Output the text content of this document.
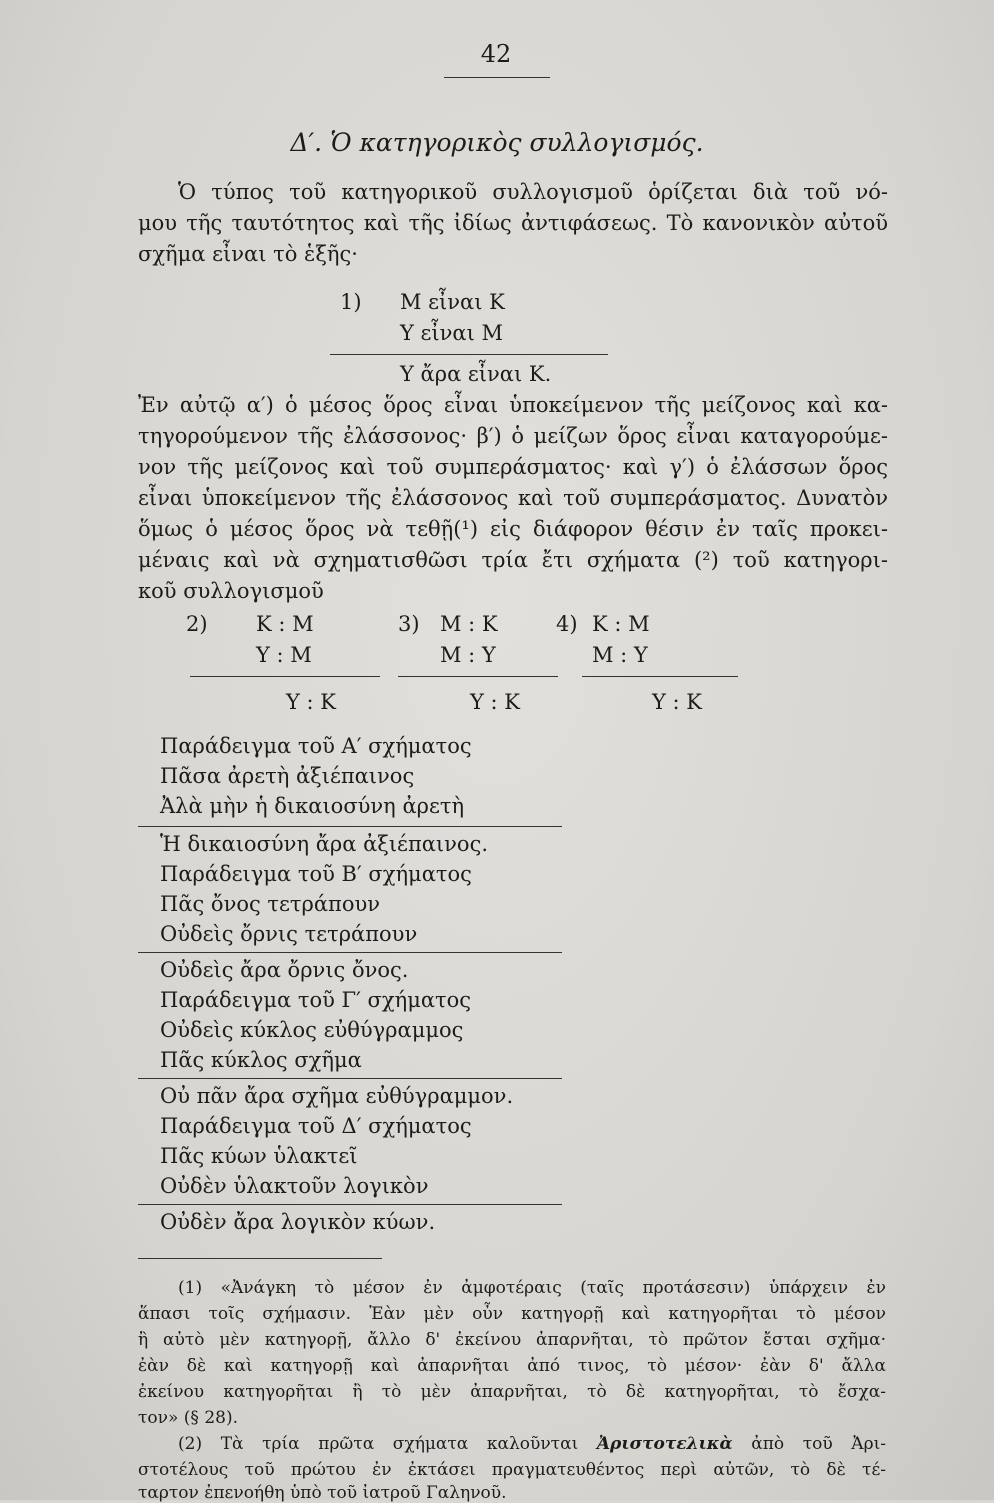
42
Δ′. Ὁ κατηγορικὸς συλλογισμός.
Ὁ τύπος τοῦ κατηγορικοῦ συλλογισμοῦ ὁρίζεται διὰ τοῦ νό-
μου τῆς ταυτότητος καὶ τῆς ἰδίως ἀντιφάσεως. Τὸ κανονικὸν αὐτοῦ
σχῆμα εἶναι τὸ ἑξῆς·
1) Μ εἶναι Κ
Υ εἶναι Μ
Υ ἄρα εἶναι Κ.
Ἐν αὐτῷ α′) ὁ μέσος ὅρος εἶναι ὑποκείμενον τῆς μείζονος καὶ κα-
τηγορούμενον τῆς ἐλάσσονος· β′) ὁ μείζων ὅρος εἶναι καταγορούμε-
νον τῆς μείζονος καὶ τοῦ συμπεράσματος· καὶ γ′) ὁ ἐλάσσων ὅρος
εἶναι ὑποκείμενον τῆς ἐλάσσονος καὶ τοῦ συμπεράσματος. Δυνατὸν
ὅμως ὁ μέσος ὅρος νὰ τεθῇ(¹) εἰς διάφορον θέσιν ἐν ταῖς προκει-
μέναις καὶ νὰ σχηματισθῶσι τρία ἔτι σχήματα (²) τοῦ κατηγορι-
κοῦ συλλογισμοῦ
2) Κ : Μ
Υ : Μ
Υ : Κ
3) Μ : Κ
Μ : Υ
Υ : Κ
4) Κ : Μ
Μ : Υ
Υ : Κ
Παράδειγμα τοῦ Α′ σχήματος
Πᾶσα ἀρετὴ ἀξιέπαινος
Ἀλὰ μὴν ἡ δικαιοσύνη ἀρετὴ
Ἡ δικαιοσύνη ἄρα ἀξιέπαινος.
Παράδειγμα τοῦ Β′ σχήματος
Πᾶς ὄνος τετράπουν
Οὐδεὶς ὄρνις τετράπουν
Οὐδεὶς ἄρα ὄρνις ὄνος.
Παράδειγμα τοῦ Γ′ σχήματος
Οὐδεὶς κύκλος εὐθύγραμμος
Πᾶς κύκλος σχῆμα
Οὐ πᾶν ἄρα σχῆμα εὐθύγραμμον.
Παράδειγμα τοῦ Δ′ σχήματος
Πᾶς κύων ὑλακτεῖ
Οὐδὲν ὑλακτοῦν λογικὸν
Οὐδὲν ἄρα λογικὸν κύων.
(1) «Ἀνάγκη τὸ μέσον ἐν ἀμφοτέραις (ταῖς προτάσεσιν) ὑπάρχειν ἐν
ἅπασι τοῖς σχήμασιν. Ἐὰν μὲν οὖν κατηγορῇ καὶ κατηγορῆται τὸ μέσον
ἢ αὐτὸ μὲν κατηγορῇ, ἄλλο δ' ἐκείνου ἀπαρνῆται, τὸ πρῶτον ἔσται σχῆμα·
ἐὰν δὲ καὶ κατηγορῇ καὶ ἀπαρνῆται ἀπό τινος, τὸ μέσον· ἐὰν δ' ἄλλα
ἐκείνου κατηγορῆται ἢ τὸ μὲν ἀπαρνῆται, τὸ δὲ κατηγορῆται, τὸ ἔσχα-
τον» (§ 28).
(2) Τὰ τρία πρῶτα σχήματα καλοῦνται Ἀριστοτελικὰ ἀπὸ τοῦ Ἀρι-
στοτέλους τοῦ πρώτου ἐν ἐκτάσει πραγματευθέντος περὶ αὐτῶν, τὸ δὲ τέ-
ταρτον ἐπενοήθη ὑπὸ τοῦ ἰατροῦ Γαληνοῦ.
